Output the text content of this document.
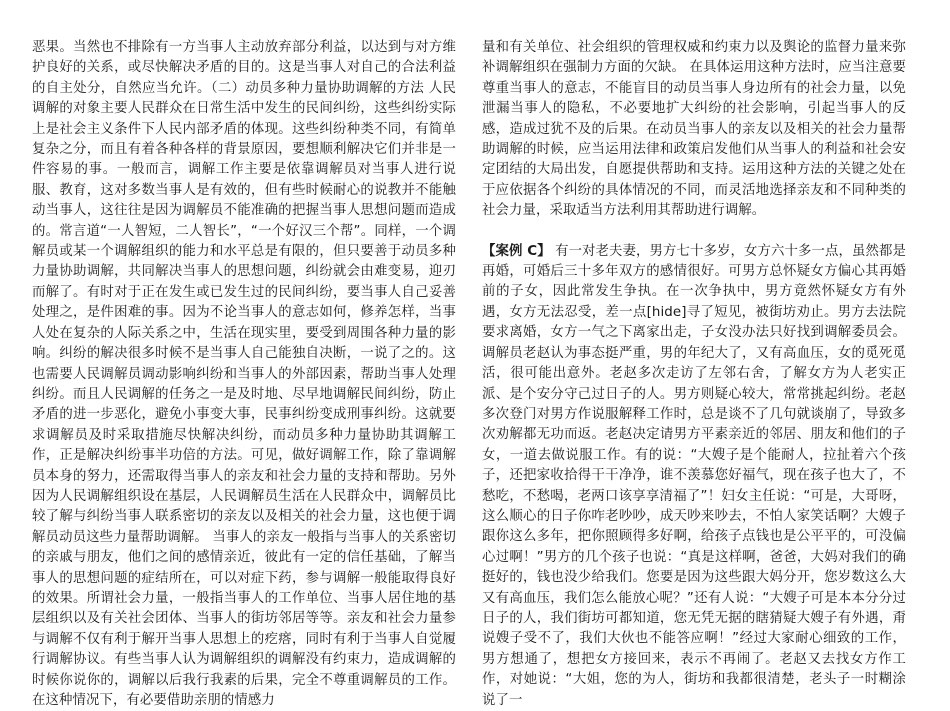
恶果。当然也不排除有一方当事人主动放弃部分利益，以达到与对方维护良好的关系，或尽快解决矛盾的目的。这是当事人对自己的合法利益的自主处分，自然应当允许。（二）动员多种力量协助调解的方法 人民调解的对象主要人民群众在日常生活中发生的民间纠纷，这些纠纷实际上是社会主义条件下人民内部矛盾的体现。这些纠纷种类不同，有简单复杂之分，而且有着各种各样的背景原因，要想顺利解决它们并非是一件容易的事。一般而言，调解工作主要是依靠调解员对当事人进行说服、教育，这对多数当事人是有效的，但有些时候耐心的说教并不能触动当事人，这往往是因为调解员不能准确的把握当事人思想问题而造成的。常言道“一人智短，二人智长”，“一个好汉三个帮”。同样，一个调解员或某一个调解组织的能力和水平总是有限的，但只要善于动员多种力量协助调解，共同解决当事人的思想问题，纠纷就会由难变易，迎刃而解了。有时对于正在发生或已发生过的民间纠纷，要当事人自己妥善处理之，是件困难的事。因为不论当事人的意志如何，修养怎样，当事人处在复杂的人际关系之中，生活在现实里，要受到周围各种力量的影响。纠纷的解决很多时候不是当事人自己能独自决断，一说了之的。这也需要人民调解员调动影响纠纷和当事人的外部因素，帮助当事人处理纠纷。而且人民调解的任务之一是及时地、尽早地调解民间纠纷，防止矛盾的进一步恶化，避免小事变大事，民事纠纷变成刑事纠纷。这就要求调解员及时采取措施尽快解决纠纷，而动员多种力量协助其调解工作，正是解决纠纷事半功倍的方法。可见，做好调解工作，除了靠调解员本身的努力，还需取得当事人的亲友和社会力量的支持和帮助。另外因为人民调解组织设在基层，人民调解员生活在人民群众中，调解员比较了解与纠纷当事人联系密切的亲友以及相关的社会力量，这也便于调解员动员这些力量帮助调解。 当事人的亲友一般指与当事人的关系密切的亲戚与朋友，他们之间的感情亲近，彼此有一定的信任基础，了解当事人的思想问题的症结所在，可以对症下药，参与调解一般能取得良好的效果。所谓社会力量，一般指当事人的工作单位、当事人居住地的基层组织以及有关社会团体、当事人的街坊邻居等等。亲友和社会力量参与调解不仅有利于解开当事人思想上的疙瘩，同时有利于当事人自觉履行调解协议。有些当事人认为调解组织的调解没有约束力，造成调解的时候你说你的，调解以后我行我素的后果，完全不尊重调解员的工作。在这种情况下，有必要借助亲朋的情感力

量和有关单位、社会组织的管理权威和约束力以及舆论的监督力量来弥补调解组织在强制力方面的欠缺。 在具体运用这种方法时，应当注意要尊重当事人的意志，不能盲目的动员当事人身边所有的社会力量，以免泄漏当事人的隐私，不必要地扩大纠纷的社会影响，引起当事人的反感，造成过犹不及的后果。在动员当事人的亲友以及相关的社会力量帮助调解的时候，应当运用法律和政策启发他们从当事人的利益和社会安定团结的大局出发，自愿提供帮助和支持。运用这种方法的关键之处在于应依据各个纠纷的具体情况的不同，而灵活地选择亲友和不同种类的社会力量，采取适当方法利用其帮助进行调解。

【案例 C】 有一对老夫妻，男方七十多岁，女方六十多一点，虽然都是再婚，可婚后三十多年双方的感情很好。可男方总怀疑女方偏心其再婚前的子女，因此常发生争执。在一次争执中，男方竟然怀疑女方有外遇，女方无法忍受，差一点[hide]寻了短见，被街坊劝止。男方去法院要求离婚，女方一气之下离家出走，子女没办法只好找到调解委员会。调解员老赵认为事态挺严重，男的年纪大了，又有高血压，女的觅死觅活，很可能出意外。老赵多次走访了左邻右舍，了解女方为人老实正派、是个安分守己过日子的人。男方则疑心较大，常常挑起纠纷。老赵多次登门对男方作说服解释工作时，总是谈不了几句就谈崩了，导致多次劝解都无功而返。老赵决定请男方平素亲近的邻居、朋友和他们的子女，一道去做说服工作。有的说：“大嫂子是个能耐人，拉扯着六个孩子，还把家收拾得干干净净，谁不羡慕您好福气，现在孩子也大了，不愁吃，不愁喝，老两口该享享清福了”！妇女主任说：“可是，大哥呀，这么顺心的日子你咋老吵吵，成天吵来吵去，不怕人家笑话啊？大嫂子跟你这么多年，把你照顾得多好啊，给孩子点钱也是公平平的，可没偏心过啊！”男方的几个孩子也说：“真是这样啊，爸爸，大妈对我们的确挺好的，钱也没少给我们。您要是因为这些跟大妈分开，您岁数这么大又有高血压，我们怎么能放心呢？”还有人说：“大嫂子可是本本分分过日子的人，我们街坊可都知道，您无凭无据的瞎猜疑大嫂子有外遇，甭说嫂子受不了，我们大伙也不能答应啊！”经过大家耐心细致的工作，男方想通了，想把女方接回来，表示不再闹了。老赵又去找女方作工作，对她说：“大姐，您的为人，街坊和我都很清楚，老头子一时糊涂说了一
